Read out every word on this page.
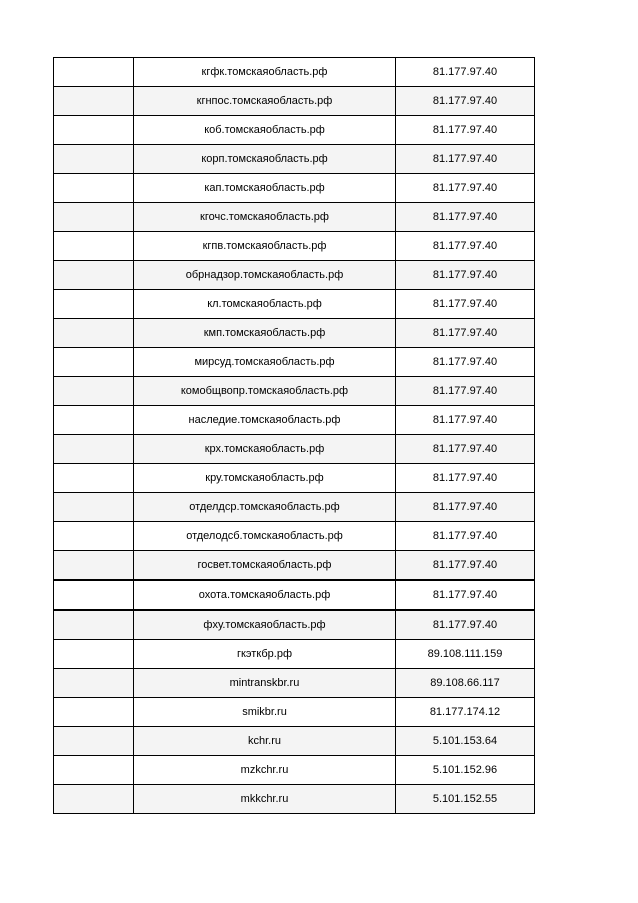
	кгфк.томскаяобласть.рф	81.177.97.40
	кгнпос.томскаяобласть.рф	81.177.97.40
	коб.томскаяобласть.рф	81.177.97.40
	корп.томскаяобласть.рф	81.177.97.40
	кап.томскаяобласть.рф	81.177.97.40
	кгочс.томскаяобласть.рф	81.177.97.40
	кгпв.томскаяобласть.рф	81.177.97.40
	обрнадзор.томскаяобласть.рф	81.177.97.40
	кл.томскаяобласть.рф	81.177.97.40
	кмп.томскаяобласть.рф	81.177.97.40
	мирсуд.томскаяобласть.рф	81.177.97.40
	комобщвопр.томскаяобласть.рф	81.177.97.40
	наследие.томскаяобласть.рф	81.177.97.40
	крх.томскаяобласть.рф	81.177.97.40
	кру.томскаяобласть.рф	81.177.97.40
	отделдср.томскаяобласть.рф	81.177.97.40
	отделодсб.томскаяобласть.рф	81.177.97.40
	госвет.томскаяобласть.рф	81.177.97.40
	охота.томскаяобласть.рф	81.177.97.40
	фху.томскаяобласть.рф	81.177.97.40
	гкэткбр.рф	89.108.111.159
	mintranskbr.ru	89.108.66.117
	smikbr.ru	81.177.174.12
	kchr.ru	5.101.153.64
	mzkchr.ru	5.101.152.96
	mkkchr.ru	5.101.152.55
